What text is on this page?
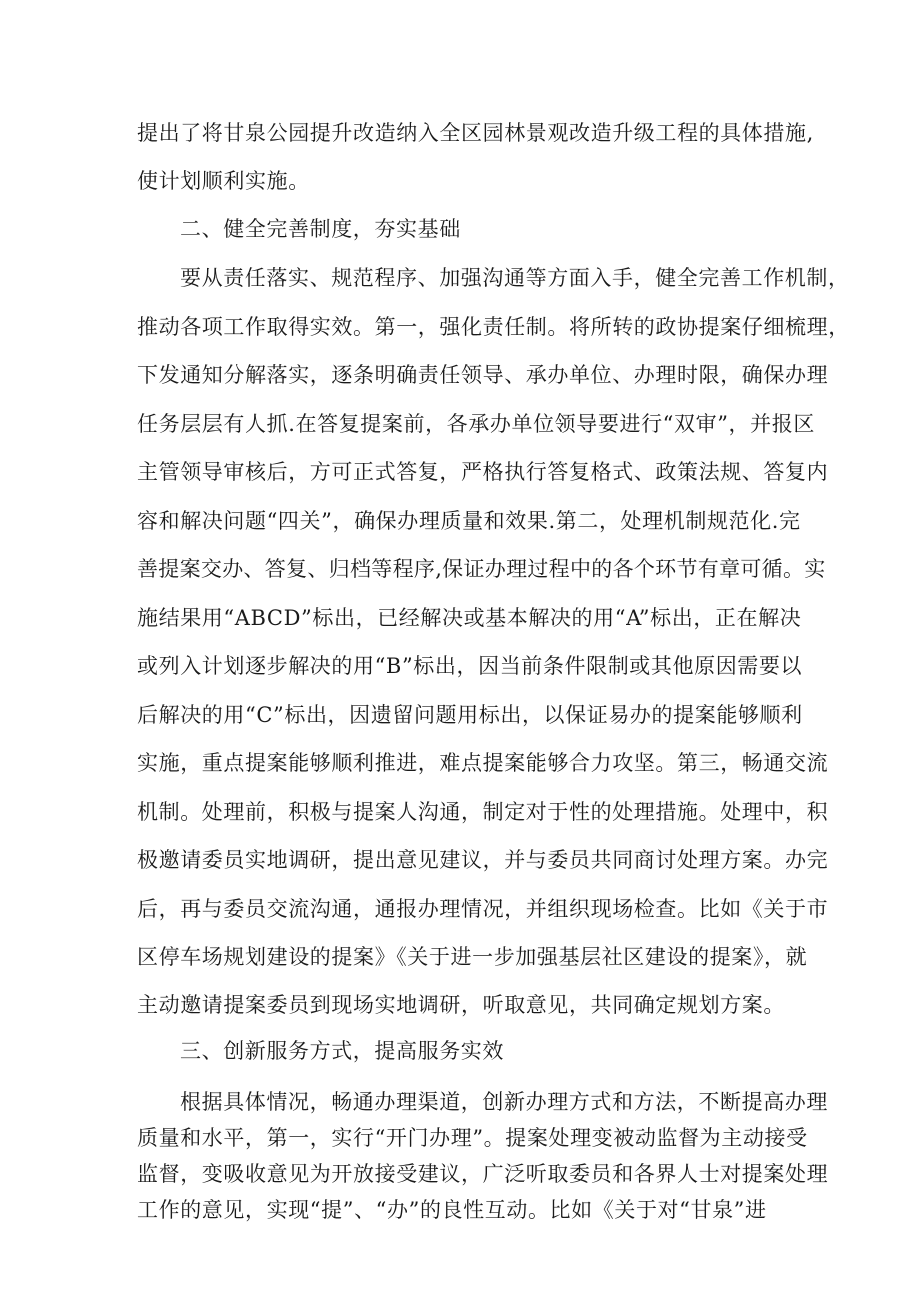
提出了将甘泉公园提升改造纳入全区园林景观改造升级工程的具体措施,
使计划顺利实施。
二、健全完善制度，夯实基础
要从责任落实、规范程序、加强沟通等方面入手，健全完善工作机制，
推动各项工作取得实效。第一，强化责任制。将所转的政协提案仔细梳理，
下发通知分解落实，逐条明确责任领导、承办单位、办理时限，确保办理
任务层层有人抓.在答复提案前，各承办单位领导要进行“双审”，并报区
主管领导审核后，方可正式答复，严格执行答复格式、政策法规、答复内
容和解决问题“四关”，确保办理质量和效果.第二，处理机制规范化.完
善提案交办、答复、归档等程序,保证办理过程中的各个环节有章可循。实
施结果用“ABCD”标出，已经解决或基本解决的用“A”标出，正在解决
或列入计划逐步解决的用“B”标出，因当前条件限制或其他原因需要以
后解决的用“C”标出，因遗留问题用标出，以保证易办的提案能够顺利
实施，重点提案能够顺利推进，难点提案能够合力攻坚。第三，畅通交流
机制。处理前，积极与提案人沟通，制定对于性的处理措施。处理中，积
极邀请委员实地调研，提出意见建议，并与委员共同商讨处理方案。办完
后，再与委员交流沟通，通报办理情况，并组织现场检查。比如《关于市
区停车场规划建设的提案》《关于进一步加强基层社区建设的提案》，就
主动邀请提案委员到现场实地调研，听取意见，共同确定规划方案。
三、创新服务方式，提高服务实效
根据具体情况，畅通办理渠道，创新办理方式和方法，不断提高办理
质量和水平，第一，实行“开门办理”。提案处理变被动监督为主动接受
监督，变吸收意见为开放接受建议，广泛听取委员和各界人士对提案处理
工作的意见，实现“提”、“办”的良性互动。比如《关于对“甘泉”进
